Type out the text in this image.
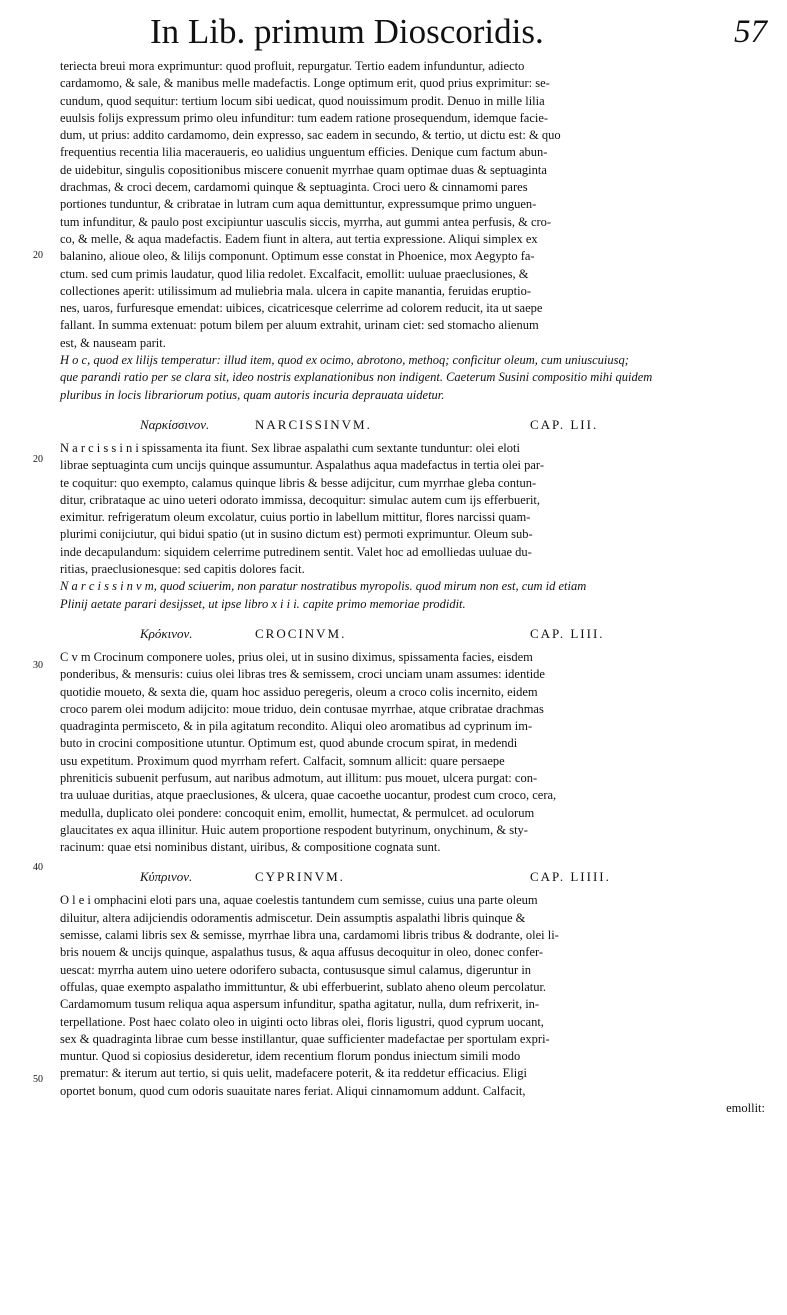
In Lib. primum Dioscoridis.	57
20
20
30
40
50
teriecta breui mora exprimuntur: quod profluit, repurgatur. Tertio eadem infunduntur, adiecto
cardamomo, & sale, & manibus melle madefactis. Longe optimum erit, quod prius exprimitur: se-
cundum, quod sequitur: tertium locum sibi uedicat, quod nouissimum prodit. Denuo in mille lilia
euulsis folijs expressum primo oleu infunditur: tum eadem ratione prosequendum, idemque facie-
dum, ut prius: addito cardamomo, dein expresso, sac eadem in secundo, & tertio, ut dictu est: & quo
frequentius recentia lilia maceraueris, eo ualidius unguentum efficies. Denique cum factum abun-
de uidebitur, singulis copositionibus miscere conuenit myrrhae quam optimae duas & septuaginta
drachmas, & croci decem, cardamomi quinque & septuaginta. Croci uero & cinnamomi pares
portiones tunduntur, & cribratae in lutram cum aqua demittuntur, expressumque primo unguen-
tum infunditur, & paulo post excipiuntur uasculis siccis, myrrha, aut gummi antea perfusis, & cro-
co, & melle, & aqua madefactis. Eadem fiunt in altera, aut tertia expressione. Aliqui simplex ex
balanino, alioue oleo, & lilijs componunt. Optimum esse constat in Phoenice, mox Aegypto fa-
ctum. sed cum primis laudatur, quod lilia redolet. Excalfacit, emollit: uuluae praeclusiones, &
collectiones aperit: utilissimum ad muliebria mala. ulcera in capite manantia, feruidas eruptio-
nes, uaros, furfuresque emendat: uibices, cicatricesque celerrime ad colorem reducit, ita ut saepe
fallant. In summa extenuat: potum bilem per aluum extrahit, urinam ciet: sed stomacho alienum
est, & nauseam parit.
H o c, quod ex lilijs temperatur: illud item, quod ex ocimo, abrotono, methoq; conficitur oleum, cum uniuscuiusq;
que parandi ratio per se clara sit, ideo nostris explanationibus non indigent. Caeterum Susini compositio mihi quidem
pluribus in locis librariorum potius, quam autoris incuria deprauata uidetur.
Ναρκίσσινον.	NARCISSINVM.	CAP. LII.
N a r c i s s i n i spissamenta ita fiunt. Sex librae aspalathi cum sextante tunduntur: olei eloti
librae septuaginta cum uncijs quinque assumuntur. Aspalathus aqua madefactus in tertia olei par-
te coquitur: quo exempto, calamus quinque libris & besse adijcitur, cum myrrhae gleba contun-
ditur, cribrataque ac uino ueteri odorato immissa, decoquitur: simulac autem cum ijs efferbuerit,
eximitur. refrigeratum oleum excolatur, cuius portio in labellum mittitur, flores narcissi quam-
plurimi conijciutur, qui bidui spatio (ut in susino dictum est) permoti exprimuntur. Oleum sub-
inde decapulandum: siquidem celerrime putredinem sentit. Valet hoc ad emolliedas uuluae du-
ritias, praeclusionesque: sed capitis dolores facit.
N a r c i s s i n v m, quod sciuerim, non paratur nostratibus myropolis. quod mirum non est, cum id etiam
Plinij aetate parari desijsset, ut ipse libro x i i i. capite primo memoriae prodidit.
Κρόκινον.	CROCINVM.	CAP. LIII.
C v m Crocinum componere uoles, prius olei, ut in susino diximus, spissamenta facies, eisdem
ponderibus, & mensuris: cuius olei libras tres & semissem, croci unciam unam assumes: identide
quotidie moueto, & sexta die, quam hoc assiduo peregeris, oleum a croco colis incernito, eidem
croco parem olei modum adijcito: moue triduo, dein contusae myrrhae, atque cribratae drachmas
quadraginta permisceto, & in pila agitatum recondito. Aliqui oleo aromatibus ad cyprinum im-
buto in crocini compositione utuntur. Optimum est, quod abunde crocum spirat, in medendi
usu expetitum. Proximum quod myrrham refert. Calfacit, somnum allicit: quare persaepe
phreniticis subuenit perfusum, aut naribus admotum, aut illitum: pus mouet, ulcera purgat: con-
tra uuluae duritias, atque praeclusiones, & ulcera, quae cacoethe uocantur, prodest cum croco, cera,
medulla, duplicato olei pondere: concoquit enim, emollit, humectat, & permulcet. ad oculorum
glaucitates ex aqua illinitur. Huic autem proportione respodent butyrinum, onychinum, & sty-
racinum: quae etsi nominibus distant, uiribus, & compositione cognata sunt.
Κύπρινον.	CYPRINVM.	CAP. LIIII.
O l e i omphacini eloti pars una, aquae coelestis tantundem cum semisse, cuius una parte oleum
diluitur, altera adijciendis odoramentis admiscetur. Dein assumptis aspalathi libris quinque &
semisse, calami libris sex & semisse, myrrhae libra una, cardamomi libris tribus & dodrante, olei li-
bris nouem & uncijs quinque, aspalathus tusus, & aqua affusus decoquitur in oleo, donec confer-
uescat: myrrha autem uino uetere odorifero subacta, contususque simul calamus, digeruntur in
offulas, quae exempto aspalatho immittuntur, & ubi efferbuerint, sublato aheno oleum percolatur.
Cardamomum tusum reliqua aqua aspersum infunditur, spatha agitatur, nulla, dum refrixerit, in-
terpellatione. Post haec colato oleo in uiginti octo libras olei, floris ligustri, quod cyprum uocant,
sex & quadraginta librae cum besse instillantur, quae sufficienter madefactae per sportulam expri-
muntur. Quod si copiosius desideretur, idem recentium florum pondus iniectum simili modo
prematur: & iterum aut tertio, si quis uelit, madefacere poterit, & ita reddetur efficacius. Eligi
oportet bonum, quod cum odoris suauitate nares feriat. Aliqui cinnamomum addunt. Calfacit,
emollit:
